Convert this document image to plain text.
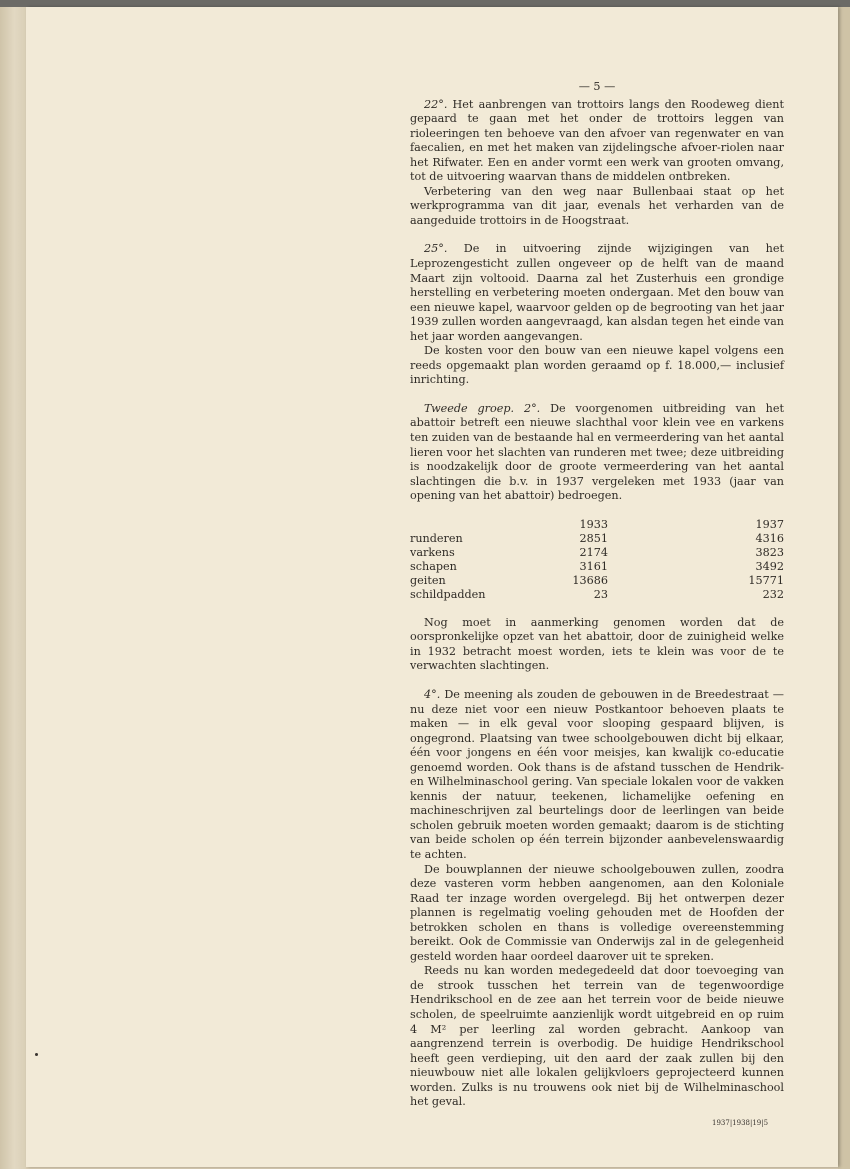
— 5 —

22°. Het aanbrengen van trottoirs langs den Roodeweg dient gepaard te gaan met het onder de trottoirs leggen van rioleeringen ten behoeve van den afvoer van regenwater en van faecalien, en met het maken van zijdelingsche afvoer-riolen naar het Rifwater. Een en ander vormt een werk van grooten omvang, tot de uitvoering waarvan thans de middelen ontbreken.

Verbetering van den weg naar Bullenbaai staat op het werkprogramma van dit jaar, evenals het verharden van de aangeduide trottoirs in de Hoogstraat.

25°. De in uitvoering zijnde wijzigingen van het Leprozengesticht zullen ongeveer op de helft van de maand Maart zijn voltooid. Daarna zal het Zusterhuis een grondige herstelling en verbetering moeten ondergaan. Met den bouw van een nieuwe kapel, waarvoor gelden op de begrooting van het jaar 1939 zullen worden aangevraagd, kan alsdan tegen het einde van het jaar worden aangevangen.

De kosten voor den bouw van een nieuwe kapel volgens een reeds opgemaakt plan worden geraamd op f. 18.000,— inclusief inrichting.

Tweede groep. 2°. De voorgenomen uitbreiding van het abattoir betreft een nieuwe slachthal voor klein vee en varkens ten zuiden van de bestaande hal en vermeerdering van het aantal lieren voor het slachten van runderen met twee; deze uitbreiding is noodzakelijk door de groote vermeerdering van het aantal slachtingen die b.v. in 1937 vergeleken met 1933 (jaar van opening van het abattoir) bedroegen.

	1933	1937
runderen	2851	4316
varkens	2174	3823
schapen	3161	3492
geiten	13686	15771
schildpadden	23	232

Nog moet in aanmerking genomen worden dat de oorspronkelijke opzet van het abattoir, door de zuinigheid welke in 1932 betracht moest worden, iets te klein was voor de te verwachten slachtingen.

4°. De meening als zouden de gebouwen in de Breedestraat — nu deze niet voor een nieuw Postkantoor behoeven plaats te maken — in elk geval voor slooping gespaard blijven, is ongegrond. Plaatsing van twee schoolgebouwen dicht bij elkaar, één voor jongens en één voor meisjes, kan kwalijk co-educatie genoemd worden. Ook thans is de afstand tusschen de Hendrik- en Wilhelminaschool gering. Van speciale lokalen voor de vakken kennis der natuur, teekenen, lichamelijke oefening en machineschrijven zal beurtelings door de leerlingen van beide scholen gebruik moeten worden gemaakt; daarom is de stichting van beide scholen op één terrein bijzonder aanbevelenswaardig te achten.

De bouwplannen der nieuwe schoolgebouwen zullen, zoodra deze vasteren vorm hebben aangenomen, aan den Koloniale Raad ter inzage worden overgelegd. Bij het ontwerpen dezer plannen is regelmatig voeling gehouden met de Hoofden der betrokken scholen en thans is volledige overeenstemming bereikt. Ook de Commissie van Onderwijs zal in de gelegenheid gesteld worden haar oordeel daarover uit te spreken.

Reeds nu kan worden medegedeeld dat door toevoeging van de strook tusschen het terrein van de tegenwoordige Hendrikschool en de zee aan het terrein voor de beide nieuwe scholen, de speelruimte aanzienlijk wordt uitgebreid en op ruim 4 M² per leerling zal worden gebracht. Aankoop van aangrenzend terrein is overbodig. De huidige Hendrikschool heeft geen verdieping, uit den aard der zaak zullen bij den nieuwbouw niet alle lokalen gelijkvloers geprojecteerd kunnen worden. Zulks is nu trouwens ook niet bij de Wilhelminaschool het geval.

1937|1938|19|5
